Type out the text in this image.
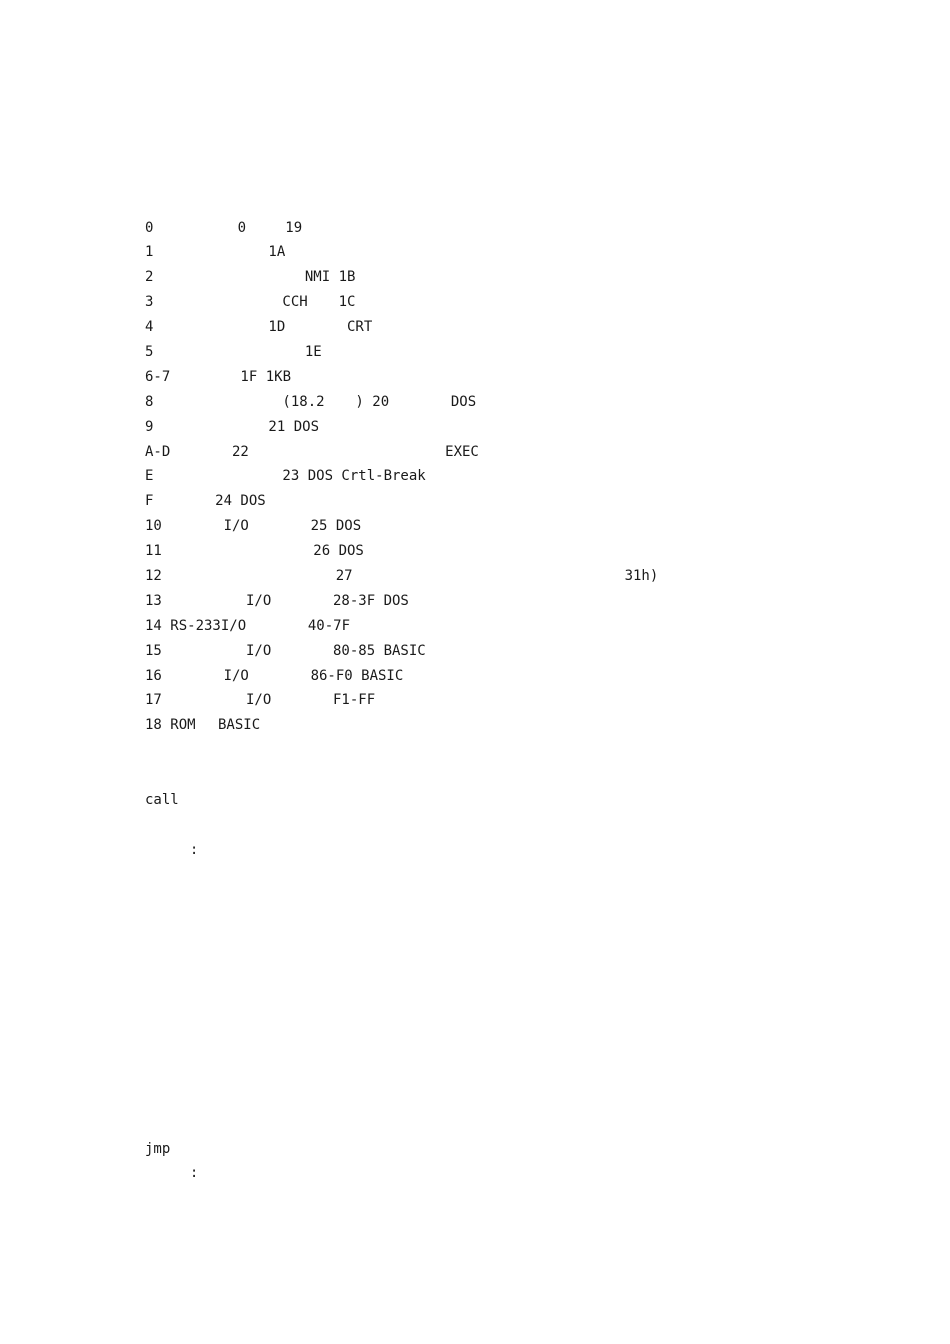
0 　　　    0 　  19 　　　　　　
1 　　　　      1A 　　　　
2 　　　　　　       NMI 1B 　　　　　　　　　　
3 　　　　　      CCH　  1C 　　　　　　　　　　
4 　　　　      1D 　　   CRT 　　　　　
5 　　　　　　       1E 　　　　　　　
6-7 　　    1F 1KB 　　　　
8 　　　　　      (18.2 　 ) 20 　　   DOS 　　
9 　　　　      21 DOS 　　　　
A-D 　　   22 　　　　　　　　         EXEC　
E 　　　　　      23 DOS Crtl-Break 　　　　
F 　　   24 DOS 　　　　　
10 　　   I/O 　　   25 DOS 　　　　　
11 　　　　　　       26 DOS 　　　　　
12 　　　　　　　        27 　　　　　　　　　　　             31h)
13 　　　    I/O 　　   28-3F DOS 　　
14 RS-233I/O 　　   40-7F 　　
15 　　　    I/O 　　   80-85 BASIC 　　
16 　　   I/O 　　   86-F0 BASIC 　　　　　
17 　　　    I/O 　　   F1-FF 　　
18 ROM　 BASIC 　　

call 　　　　　　　　       　　　　　　　　　　
　　  :

jmp 　　　　　　　　　　　          　　　　　　　　　　
　　  :
